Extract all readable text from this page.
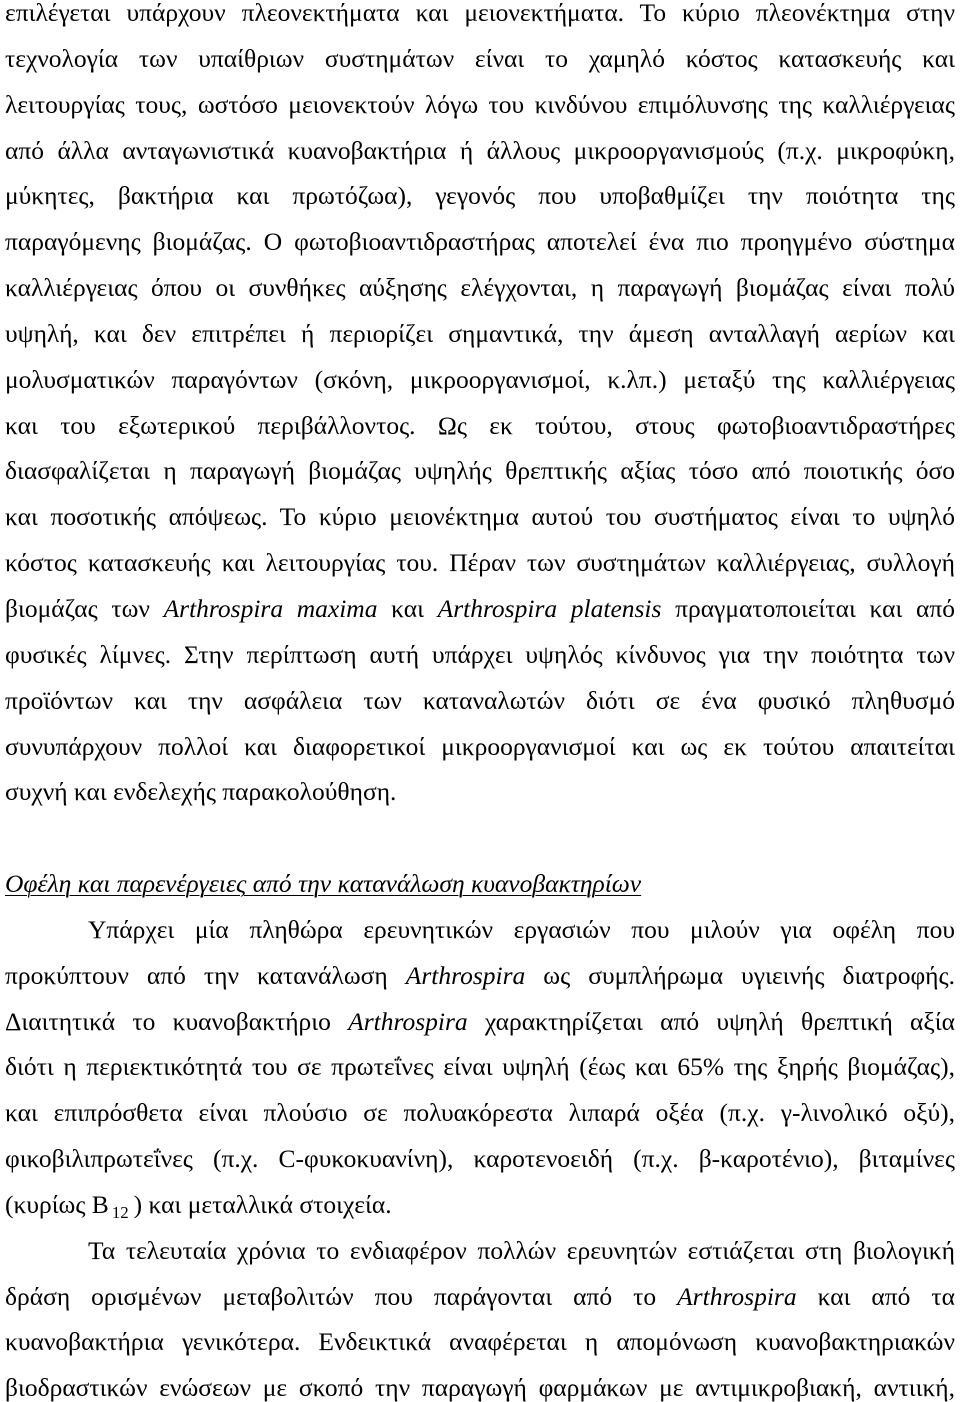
επιλέγεται υπάρχουν πλεονεκτήματα και μειονεκτήματα. Το κύριο πλεονέκτημα στην
τεχνολογία των υπαίθριων συστημάτων είναι το χαμηλό κόστος κατασκευής και
λειτουργίας τους, ωστόσο μειονεκτούν λόγω του κινδύνου επιμόλυνσης της καλλιέργειας
από άλλα ανταγωνιστικά κυανοβακτήρια ή άλλους μικροοργανισμούς (π.χ. μικροφύκη,
μύκητες, βακτήρια και πρωτόζωα), γεγονός που υποβαθμίζει την ποιότητα της
παραγόμενης βιομάζας. Ο φωτοβιοαντιδραστήρας αποτελεί ένα πιο προηγμένο σύστημα
καλλιέργειας όπου οι συνθήκες αύξησης ελέγχονται, η παραγωγή βιομάζας είναι πολύ
υψηλή, και δεν επιτρέπει ή περιορίζει σημαντικά, την άμεση ανταλλαγή αερίων και
μολυσματικών παραγόντων (σκόνη, μικροοργανισμοί, κ.λπ.) μεταξύ της καλλιέργειας
και του εξωτερικού περιβάλλοντος. Ως εκ τούτου, στους φωτοβιοαντιδραστήρες
διασφαλίζεται η παραγωγή βιομάζας υψηλής θρεπτικής αξίας τόσο από ποιοτικής όσο
και ποσοτικής απόψεως. Το κύριο μειονέκτημα αυτού του συστήματος είναι το υψηλό
κόστος κατασκευής και λειτουργίας του. Πέραν των συστημάτων καλλιέργειας, συλλογή
βιομάζας των Arthrospira maxima και Arthrospira platensis πραγματοποιείται και από
φυσικές λίμνες. Στην περίπτωση αυτή υπάρχει υψηλός κίνδυνος για την ποιότητα των
προϊόντων και την ασφάλεια των καταναλωτών διότι σε ένα φυσικό πληθυσμό
συνυπάρχουν πολλοί και διαφορετικοί μικροοργανισμοί και ως εκ τούτου απαιτείται
συχνή και ενδελεχής παρακολούθηση.
Οφέλη και παρενέργειες από την κατανάλωση κυανοβακτηρίων
Υπάρχει μία πληθώρα ερευνητικών εργασιών που μιλούν για οφέλη που
προκύπτουν από την κατανάλωση Arthrospira ως συμπλήρωμα υγιεινής διατροφής.
Διαιτητικά το κυανοβακτήριο Arthrospira χαρακτηρίζεται από υψηλή θρεπτική αξία
διότι η περιεκτικότητά του σε πρωτεΐνες είναι υψηλή (έως και 65% της ξηρής βιομάζας),
και επιπρόσθετα είναι πλούσιο σε πολυακόρεστα λιπαρά οξέα (π.χ. γ-λινολικό οξύ),
φικοβιλιπρωτεΐνες (π.χ. C-φυκοκυανίνη), καροτενοειδή (π.χ. β-καροτένιο), βιταμίνες
(κυρίως Β $_{12}$ ) και μεταλλικά στοιχεία.
Τα τελευταία χρόνια το ενδιαφέρον πολλών ερευνητών εστιάζεται στη βιολογική
δράση ορισμένων μεταβολιτών που παράγονται από το Arthrospira και από τα
κυανοβακτήρια γενικότερα. Ενδεικτικά αναφέρεται η απομόνωση κυανοβακτηριακών
βιοδραστικών ενώσεων με σκοπό την παραγωγή φαρμάκων με αντιμικροβιακή, αντιική,
